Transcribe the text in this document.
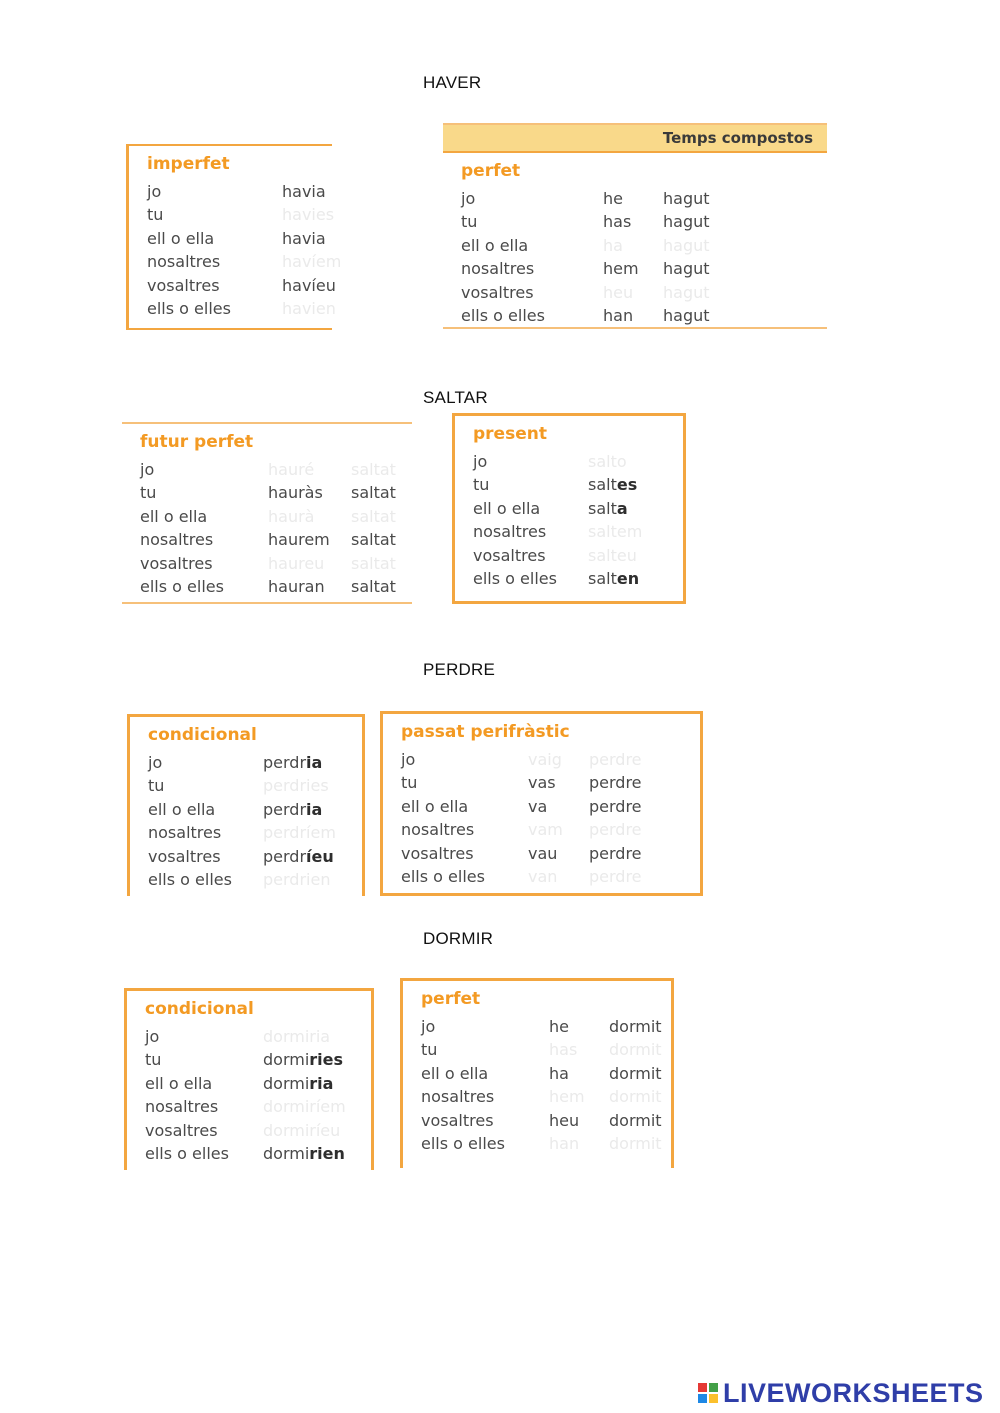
HAVER
imperfet
jo	havia
tu	havies
ell o ella	havia
nosaltres	havíem
vosaltres	havíeu
ells o elles	havien
Temps compostos
perfet
jo	he	hagut
tu	has hagut
ell o ella	ha	hagut
nosaltres	hem hagut
vosaltres	heu hagut
ells o elles	han hagut
SALTAR
futur perfet
jo	hauré saltat
tu	hauràs saltat
ell o ella	haurà saltat
nosaltres	haurem saltat
vosaltres	haureu saltat
ells o elles	hauran saltat
present
jo	salto
tu	saltes
ell o ella	salta
nosaltres	saltem
vosaltres	salteu
ells o elles salten
PERDRE
condicional
jo	perdria
tu	perdries
ell o ella	perdria
nosaltres	perdríem
vosaltres	perdríeu
ells o elles perdrien
passat perifràstic
jo	vaig perdre
tu	vas perdre
ell o ella	va	perdre
nosaltres	vam perdre
vosaltres	vau perdre
ells o elles	van perdre
DORMIR
condicional
jo	dormiria
tu	dormiries
ell o ella	dormiria
nosaltres	dormiríem
vosaltres	dormiríeu
ells o elles dormirien
perfet
jo	he	dormit
tu	has dormit
ell o ella	ha	dormit
nosaltres	hem dormit
vosaltres	heu dormit
ells o elles	han dormit
LIVEWORKSHEETS
